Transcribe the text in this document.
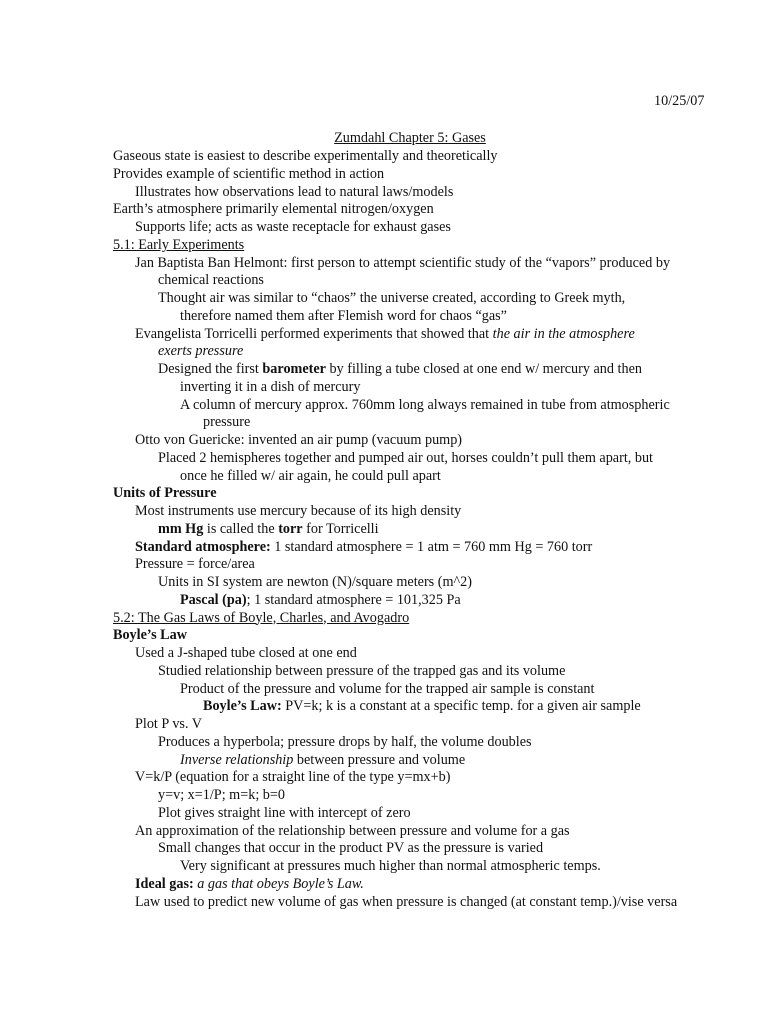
10/25/07
Zumdahl Chapter 5: Gases
Gaseous state is easiest to describe experimentally and theoretically
Provides example of scientific method in action
Illustrates how observations lead to natural laws/models
Earth’s atmosphere primarily elemental nitrogen/oxygen
Supports life; acts as waste receptacle for exhaust gases
5.1: Early Experiments
Jan Baptista Ban Helmont: first person to attempt scientific study of the “vapors” produced by
chemical reactions
Thought air was similar to “chaos” the universe created, according to Greek myth,
therefore named them after Flemish word for chaos “gas”
Evangelista Torricelli performed experiments that showed that the air in the atmosphere
exerts pressure
Designed the first barometer by filling a tube closed at one end w/ mercury and then
inverting it in a dish of mercury
A column of mercury approx. 760mm long always remained in tube from atmospheric
pressure
Otto von Guericke: invented an air pump (vacuum pump)
Placed 2 hemispheres together and pumped air out, horses couldn’t pull them apart, but
once he filled w/ air again, he could pull apart
Units of Pressure
Most instruments use mercury because of its high density
mm Hg is called the torr for Torricelli
Standard atmosphere: 1 standard atmosphere = 1 atm = 760 mm Hg = 760 torr
Pressure = force/area
Units in SI system are newton (N)/square meters (m^2)
Pascal (pa); 1 standard atmosphere = 101,325 Pa
5.2: The Gas Laws of Boyle, Charles, and Avogadro
Boyle’s Law
Used a J-shaped tube closed at one end
Studied relationship between pressure of the trapped gas and its volume
Product of the pressure and volume for the trapped air sample is constant
Boyle’s Law: PV=k; k is a constant at a specific temp. for a given air sample
Plot P vs. V
Produces a hyperbola; pressure drops by half, the volume doubles
Inverse relationship between pressure and volume
V=k/P (equation for a straight line of the type y=mx+b)
y=v; x=1/P; m=k; b=0
Plot gives straight line with intercept of zero
An approximation of the relationship between pressure and volume for a gas
Small changes that occur in the product PV as the pressure is varied
Very significant at pressures much higher than normal atmospheric temps.
Ideal gas: a gas that obeys Boyle’s Law.
Law used to predict new volume of gas when pressure is changed (at constant temp.)/vise versa
